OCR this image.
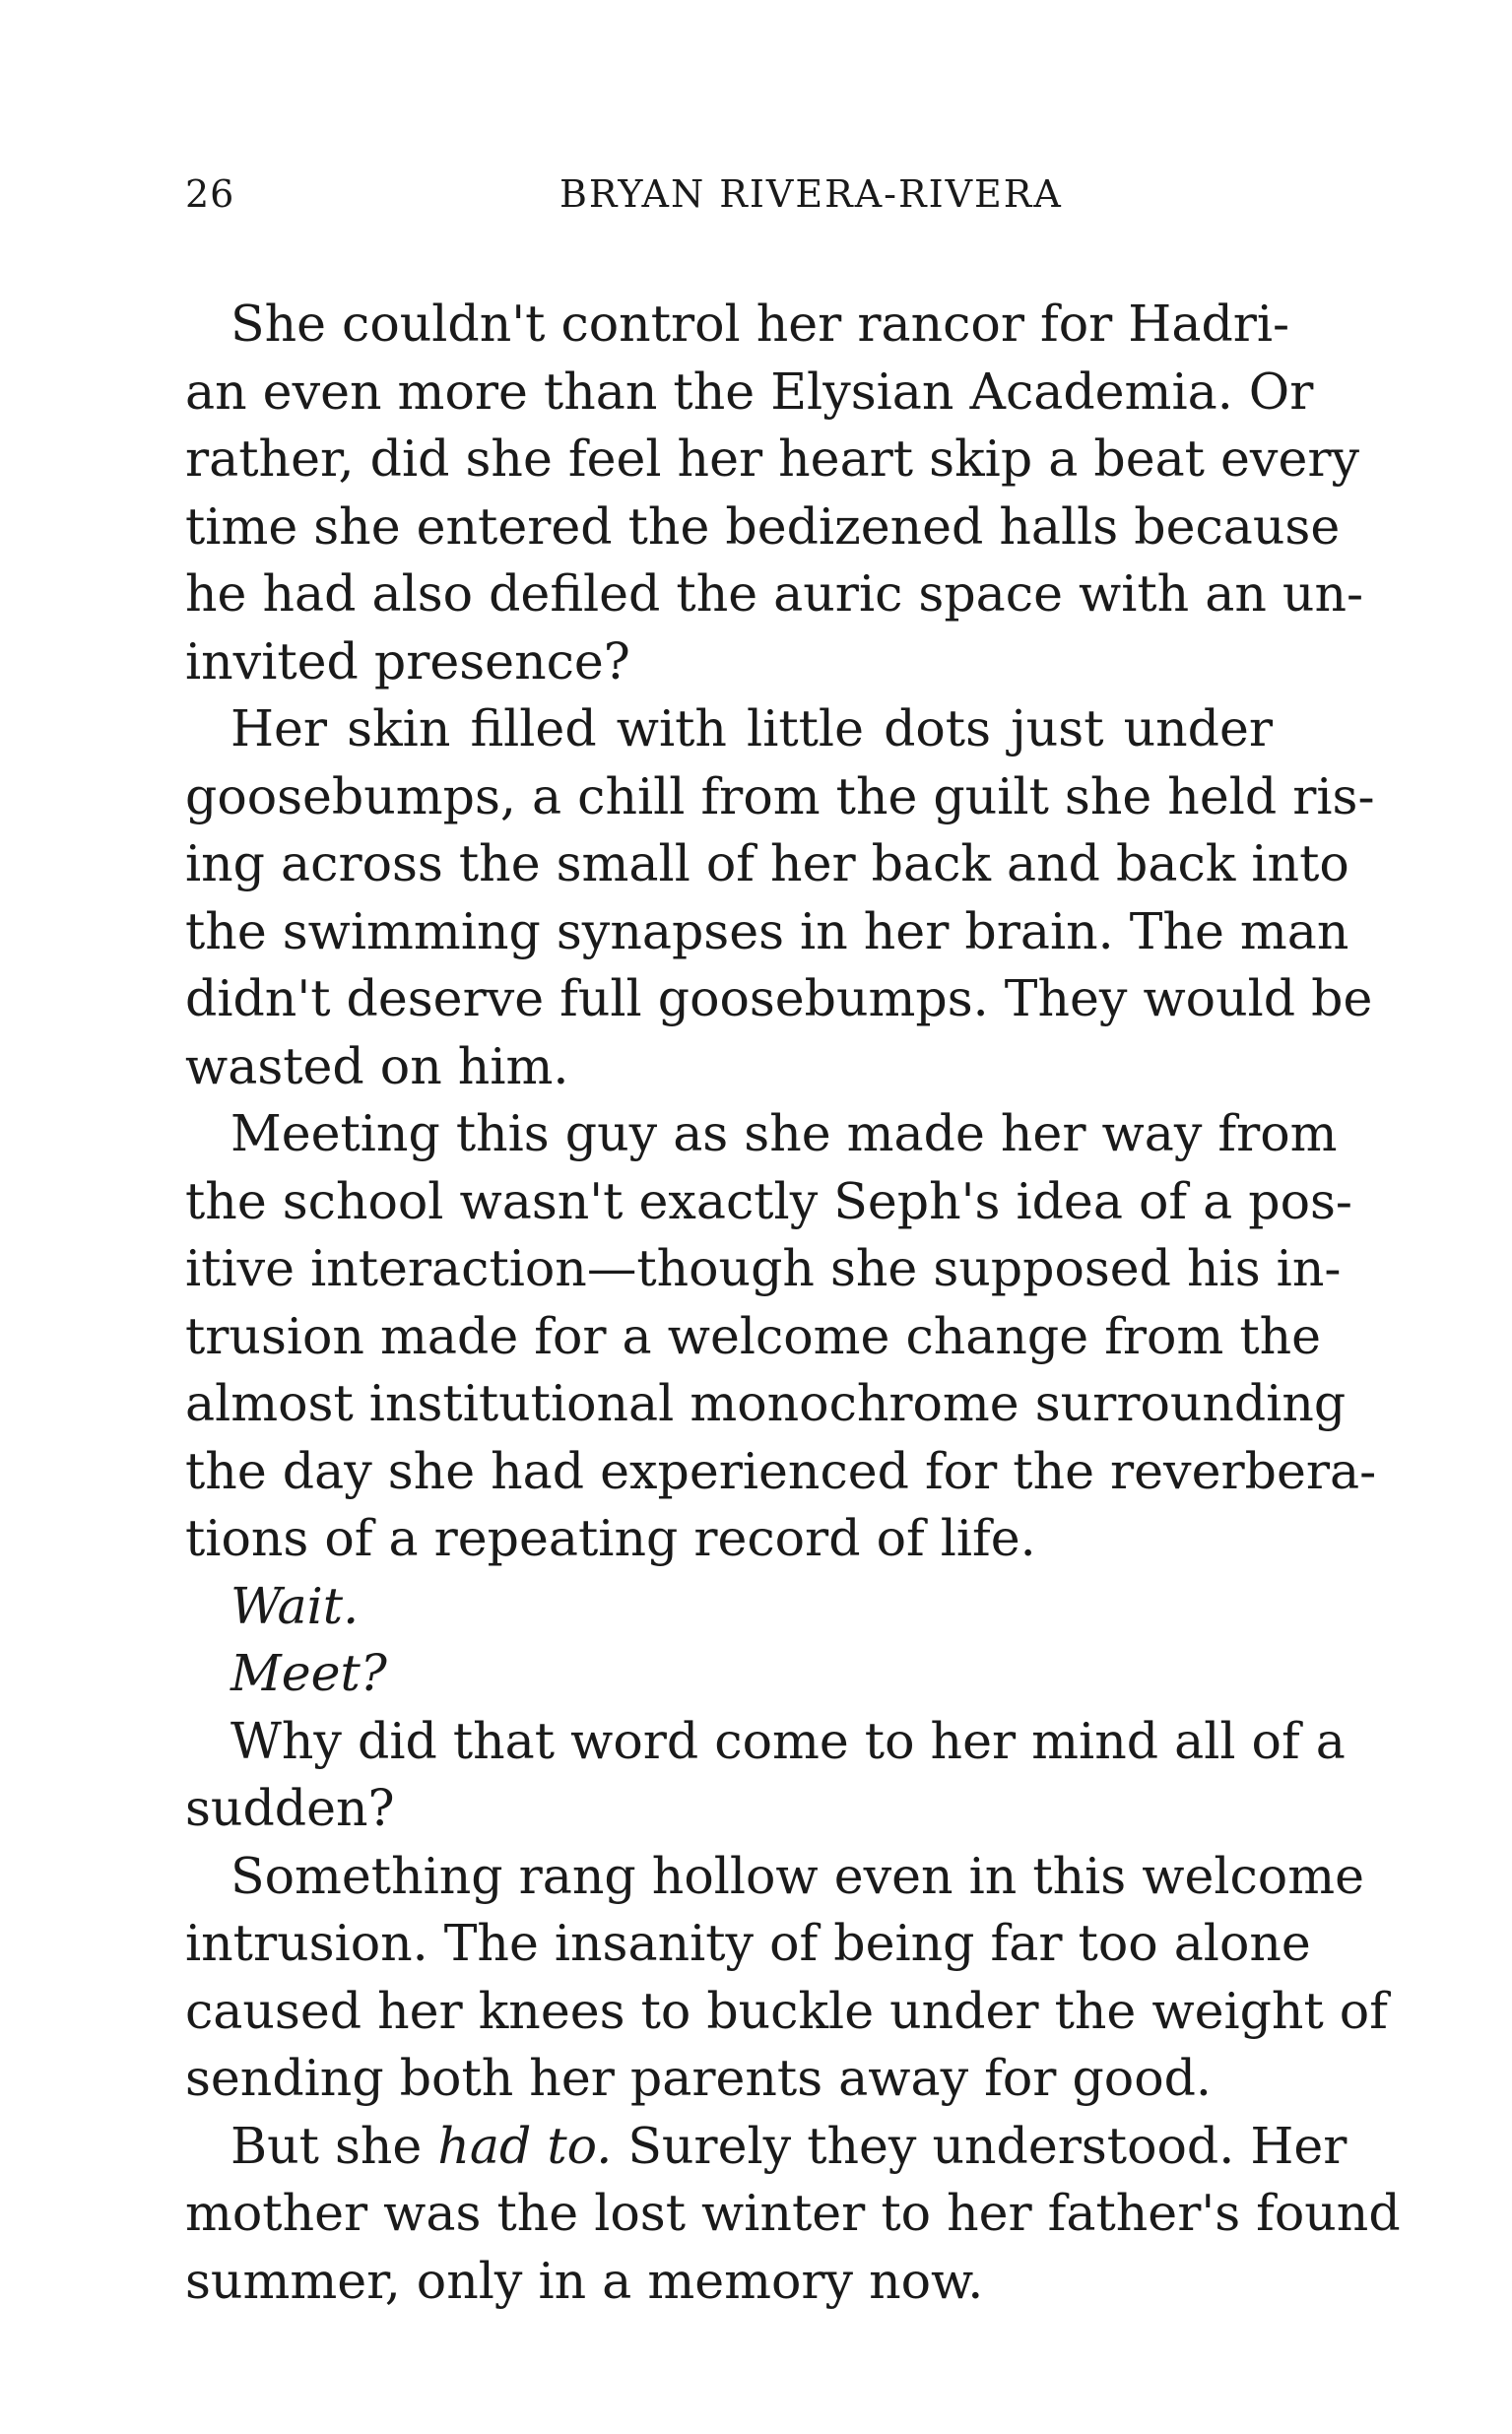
26	BRYAN RIVERA-RIVERA
She couldn't control her rancor for Hadri-
an even more than the Elysian Academia. Or
rather, did she feel her heart skip a beat every
time she entered the bedizened halls because
he had also defiled the auric space with an un-
invited presence?
Her skin filled with little dots just under
goosebumps, a chill from the guilt she held ris-
ing across the small of her back and back into
the swimming synapses in her brain. The man
didn't deserve full goosebumps. They would be
wasted on him.
Meeting this guy as she made her way from
the school wasn't exactly Seph's idea of a pos-
itive interaction—though she supposed his in-
trusion made for a welcome change from the
almost institutional monochrome surrounding
the day she had experienced for the reverbera-
tions of a repeating record of life.
Wait.
Meet?
Why did that word come to her mind all of a
sudden?
Something rang hollow even in this welcome
intrusion. The insanity of being far too alone
caused her knees to buckle under the weight of
sending both her parents away for good.
But she had to. Surely they understood. Her
mother was the lost winter to her father's found
summer, only in a memory now.
